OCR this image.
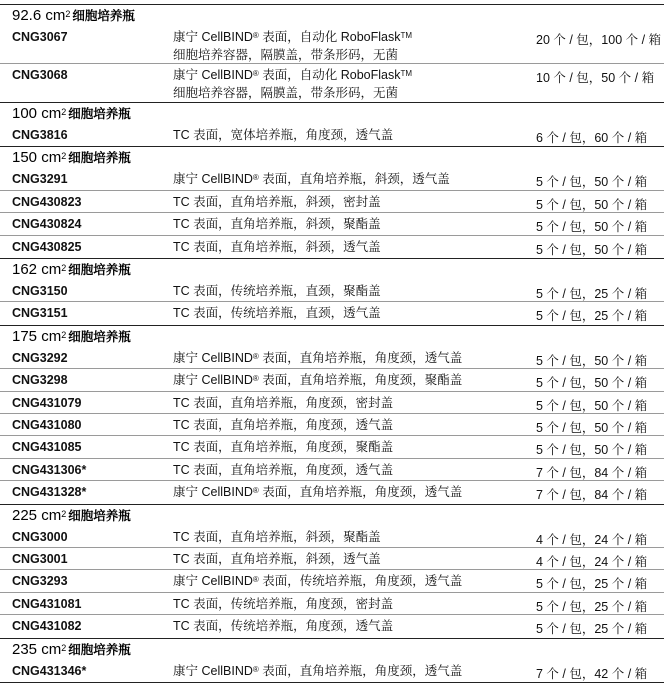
92.6 $cm^2$ 细胞培养瓶
CNG3067	康宁 CellBIND® 表面，自动化 RoboFlask™
细胞培养容器，隔膜盖，带条形码，无菌
20 个 / 包，100 个 / 箱
CNG3068	康宁 CellBIND® 表面，自动化 RoboFlask™
细胞培养容器，隔膜盖，带条形码，无菌
10 个 / 包，50 个 / 箱
100 $cm^2$ 细胞培养瓶
CNG3816	TC 表面，宽体培养瓶，角度颈，透气盖	6 个 / 包，60 个 / 箱
150 $cm^2$ 细胞培养瓶
CNG3291	康宁 CellBIND® 表面，直角培养瓶，斜颈，透气盖	5 个 / 包，50 个 / 箱
CNG430823	TC 表面，直角培养瓶，斜颈，密封盖	5 个 / 包，50 个 / 箱
CNG430824	TC 表面，直角培养瓶，斜颈，聚酯盖	5 个 / 包，50 个 / 箱
CNG430825	TC 表面，直角培养瓶，斜颈，透气盖	5 个 / 包，50 个 / 箱
162 $cm^2$ 细胞培养瓶
CNG3150	TC 表面，传统培养瓶，直颈，聚酯盖	5 个 / 包，25 个 / 箱
CNG3151	TC 表面，传统培养瓶，直颈，透气盖	5 个 / 包，25 个 / 箱
175 $cm^2$ 细胞培养瓶
CNG3292	康宁 CellBIND® 表面，直角培养瓶，角度颈，透气盖	5 个 / 包，50 个 / 箱
CNG3298	康宁 CellBIND® 表面，直角培养瓶，角度颈，聚酯盖	5 个 / 包，50 个 / 箱
CNG431079	TC 表面，直角培养瓶，角度颈，密封盖	5 个 / 包，50 个 / 箱
CNG431080	TC 表面，直角培养瓶，角度颈，透气盖	5 个 / 包，50 个 / 箱
CNG431085	TC 表面，直角培养瓶，角度颈，聚酯盖	5 个 / 包，50 个 / 箱
CNG431306*	TC 表面，直角培养瓶，角度颈，透气盖	7 个 / 包，84 个 / 箱
CNG431328*	康宁 CellBIND® 表面，直角培养瓶，角度颈，透气盖	7 个 / 包，84 个 / 箱
225 $cm^2$ 细胞培养瓶
CNG3000	TC 表面，直角培养瓶，斜颈，聚酯盖	4 个 / 包，24 个 / 箱
CNG3001	TC 表面，直角培养瓶，斜颈，透气盖	4 个 / 包，24 个 / 箱
CNG3293	康宁 CellBIND® 表面，传统培养瓶，角度颈，透气盖	5 个 / 包，25 个 / 箱
CNG431081	TC 表面，传统培养瓶，角度颈，密封盖	5 个 / 包，25 个 / 箱
CNG431082	TC 表面，传统培养瓶，角度颈，透气盖	5 个 / 包，25 个 / 箱
235 $cm^2$ 细胞培养瓶
CNG431346*	康宁 CellBIND® 表面，直角培养瓶，角度颈，透气盖	7 个 / 包，42 个 / 箱
